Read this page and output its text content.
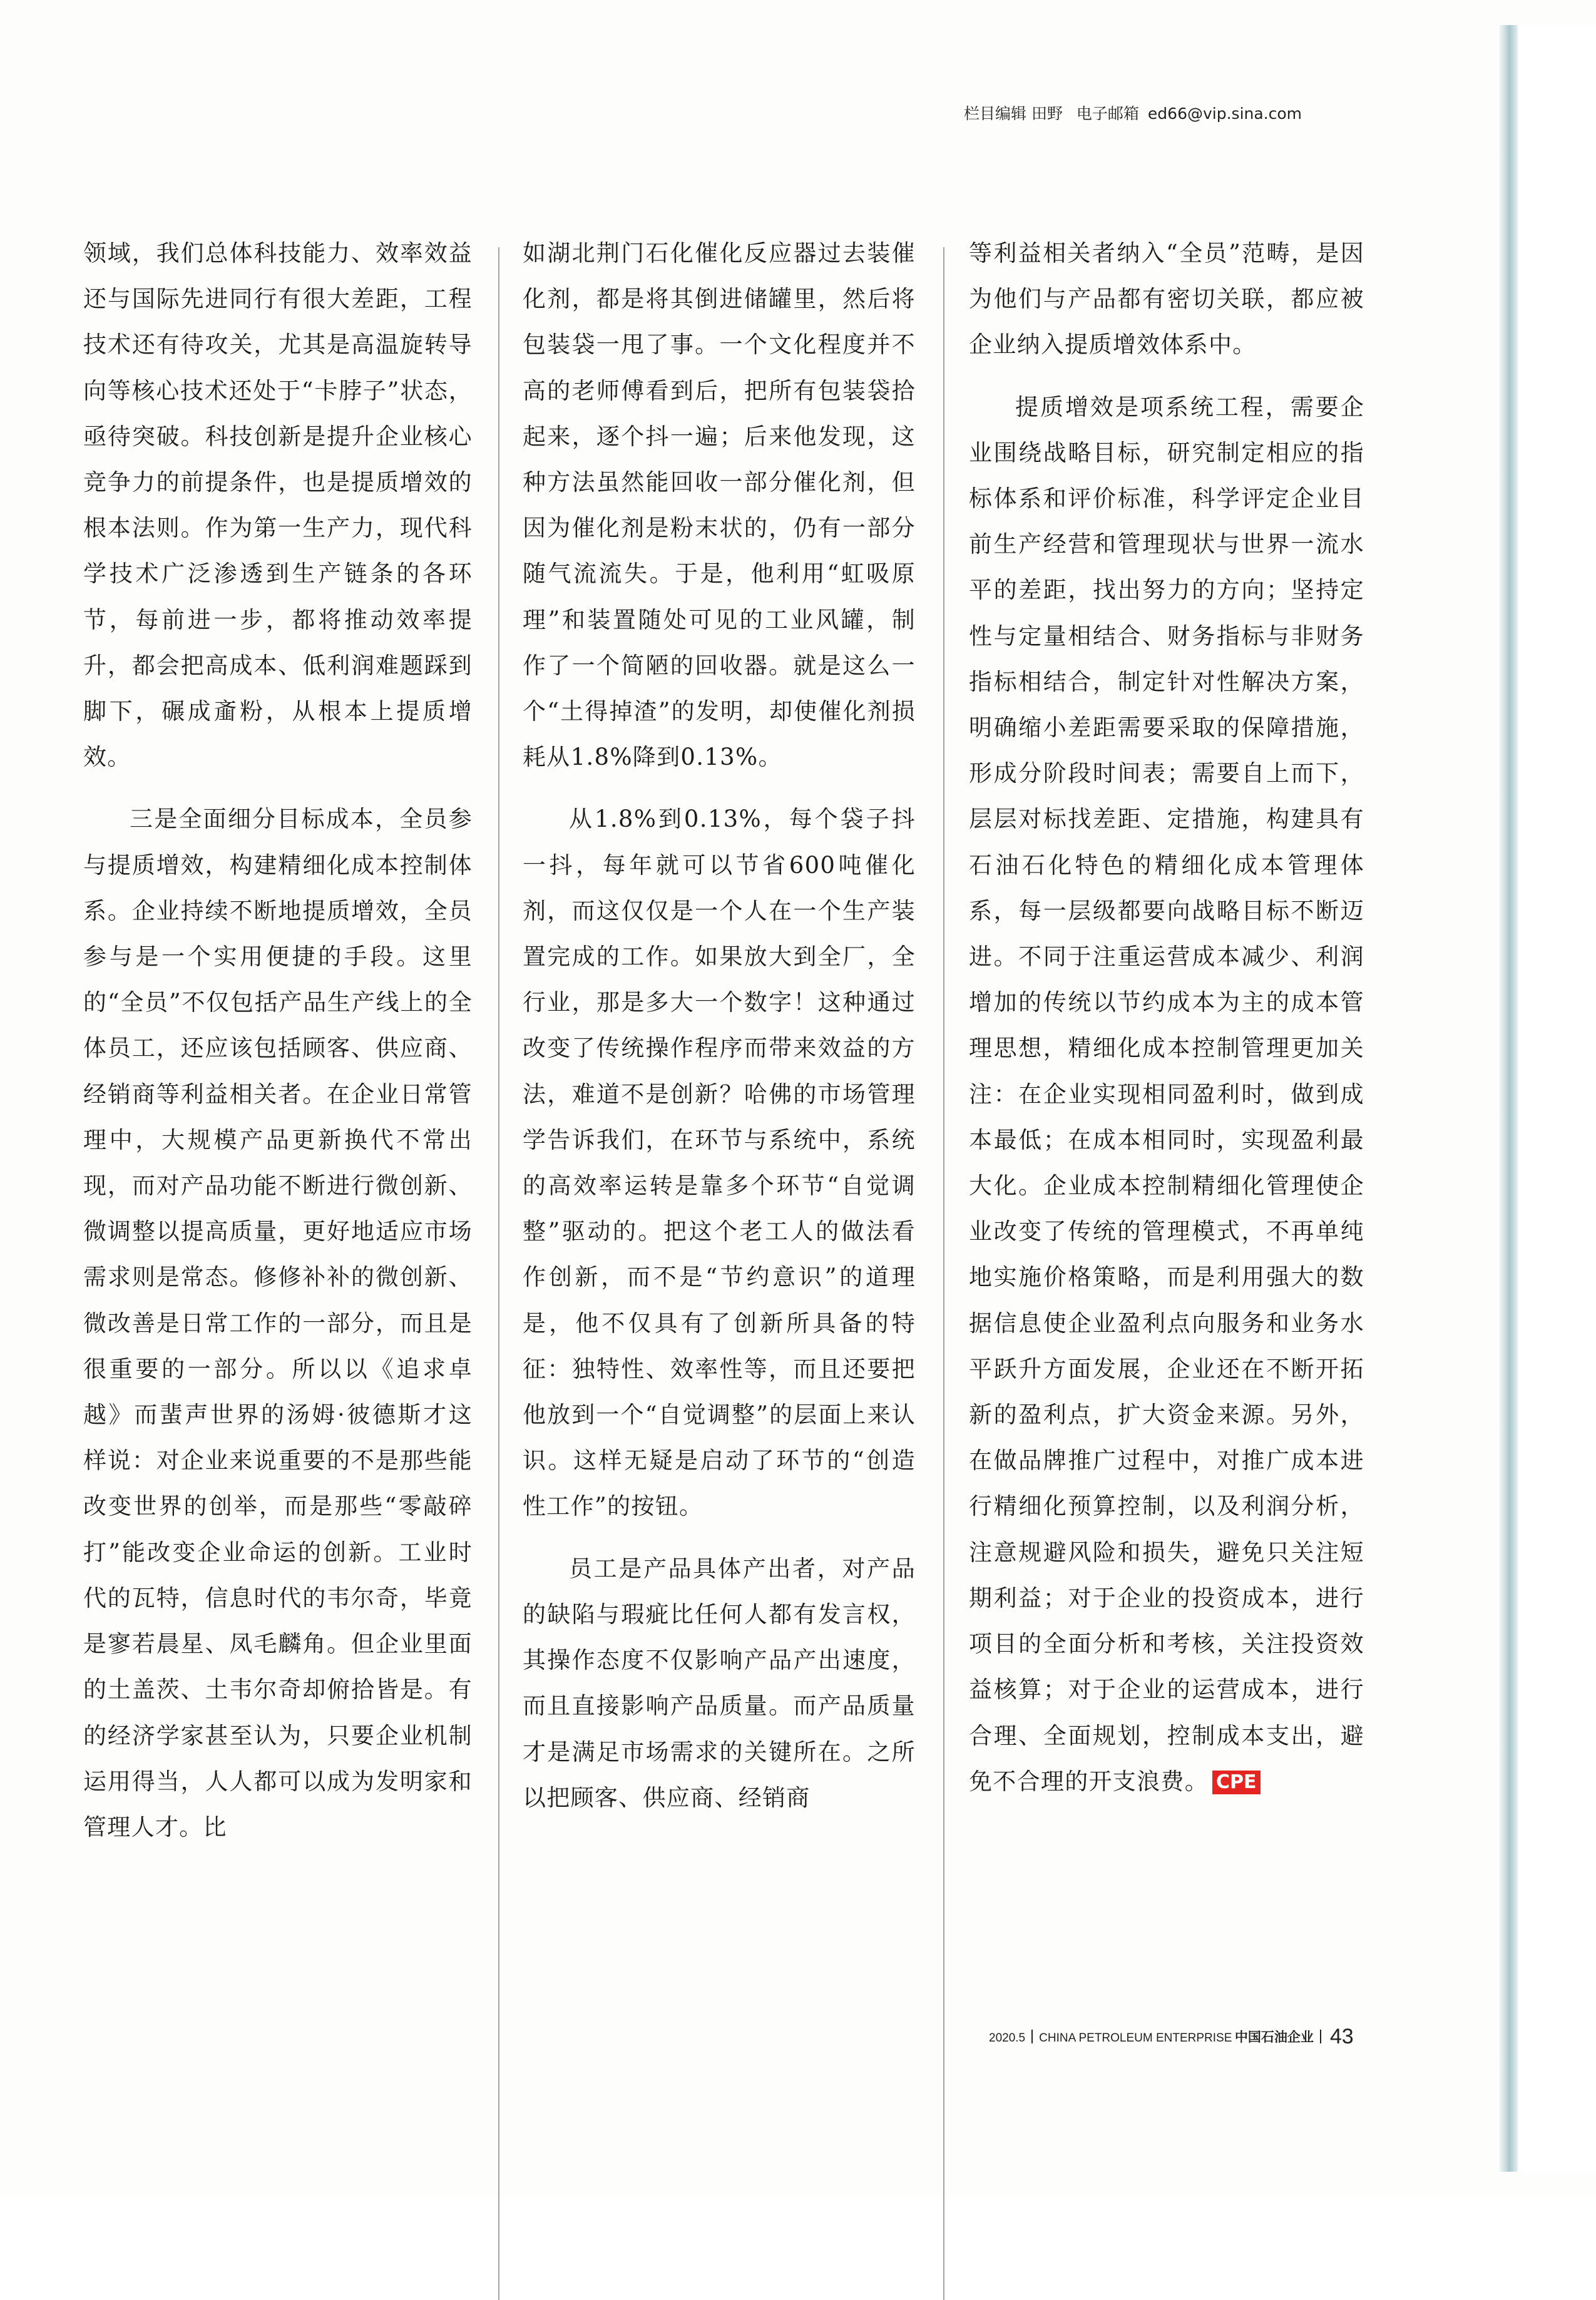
栏目编辑 田野 电子邮箱 ed66@vip.sina.com

领域，我们总体科技能力、效率效益还与国际先进同行有很大差距，工程技术还有待攻关，尤其是高温旋转导向等核心技术还处于“卡脖子”状态，亟待突破。科技创新是提升企业核心竞争力的前提条件，也是提质增效的根本法则。作为第一生产力，现代科学技术广泛渗透到生产链条的各环节，每前进一步，都将推动效率提升，都会把高成本、低利润难题踩到脚下，碾成齑粉，从根本上提质增效。

三是全面细分目标成本，全员参与提质增效，构建精细化成本控制体系。企业持续不断地提质增效，全员参与是一个实用便捷的手段。这里的“全员”不仅包括产品生产线上的全体员工，还应该包括顾客、供应商、经销商等利益相关者。在企业日常管理中，大规模产品更新换代不常出现，而对产品功能不断进行微创新、微调整以提高质量，更好地适应市场需求则是常态。修修补补的微创新、微改善是日常工作的一部分，而且是很重要的一部分。所以以《追求卓越》而蜚声世界的汤姆·彼德斯才这样说：对企业来说重要的不是那些能改变世界的创举，而是那些“零敲碎打”能改变企业命运的创新。工业时代的瓦特，信息时代的韦尔奇，毕竟是寥若晨星、凤毛麟角。但企业里面的土盖茨、土韦尔奇却俯拾皆是。有的经济学家甚至认为，只要企业机制运用得当，人人都可以成为发明家和管理人才。比

如湖北荆门石化催化反应器过去装催化剂，都是将其倒进储罐里，然后将包装袋一甩了事。一个文化程度并不高的老师傅看到后，把所有包装袋拾起来，逐个抖一遍；后来他发现，这种方法虽然能回收一部分催化剂，但因为催化剂是粉末状的，仍有一部分随气流流失。于是，他利用“虹吸原理”和装置随处可见的工业风罐，制作了一个简陋的回收器。就是这么一个“土得掉渣”的发明，却使催化剂损耗从1.8%降到0.13%。

从1.8%到0.13%，每个袋子抖一抖，每年就可以节省600吨催化剂，而这仅仅是一个人在一个生产装置完成的工作。如果放大到全厂，全行业，那是多大一个数字！这种通过改变了传统操作程序而带来效益的方法，难道不是创新？哈佛的市场管理学告诉我们，在环节与系统中，系统的高效率运转是靠多个环节“自觉调整”驱动的。把这个老工人的做法看作创新，而不是“节约意识”的道理是，他不仅具有了创新所具备的特征：独特性、效率性等，而且还要把他放到一个“自觉调整”的层面上来认识。这样无疑是启动了环节的“创造性工作”的按钮。

员工是产品具体产出者，对产品的缺陷与瑕疵比任何人都有发言权，其操作态度不仅影响产品产出速度，而且直接影响产品质量。而产品质量才是满足市场需求的关键所在。之所以把顾客、供应商、经销商

等利益相关者纳入“全员”范畴，是因为他们与产品都有密切关联，都应被企业纳入提质增效体系中。

提质增效是项系统工程，需要企业围绕战略目标，研究制定相应的指标体系和评价标准，科学评定企业目前生产经营和管理现状与世界一流水平的差距，找出努力的方向；坚持定性与定量相结合、财务指标与非财务指标相结合，制定针对性解决方案，明确缩小差距需要采取的保障措施，形成分阶段时间表；需要自上而下，层层对标找差距、定措施，构建具有石油石化特色的精细化成本管理体系，每一层级都要向战略目标不断迈进。不同于注重运营成本减少、利润增加的传统以节约成本为主的成本管理思想，精细化成本控制管理更加关注：在企业实现相同盈利时，做到成本最低；在成本相同时，实现盈利最大化。企业成本控制精细化管理使企业改变了传统的管理模式，不再单纯地实施价格策略，而是利用强大的数据信息使企业盈利点向服务和业务水平跃升方面发展，企业还在不断开拓新的盈利点，扩大资金来源。另外，在做品牌推广过程中，对推广成本进行精细化预算控制，以及利润分析，注意规避风险和损失，避免只关注短期利益；对于企业的投资成本，进行项目的全面分析和考核，关注投资效益核算；对于企业的运营成本，进行合理、全面规划，控制成本支出，避免不合理的开支浪费。 CPE

2020.5 CHINA PETROLEUM ENTERPRISE 中国石油企业 43
